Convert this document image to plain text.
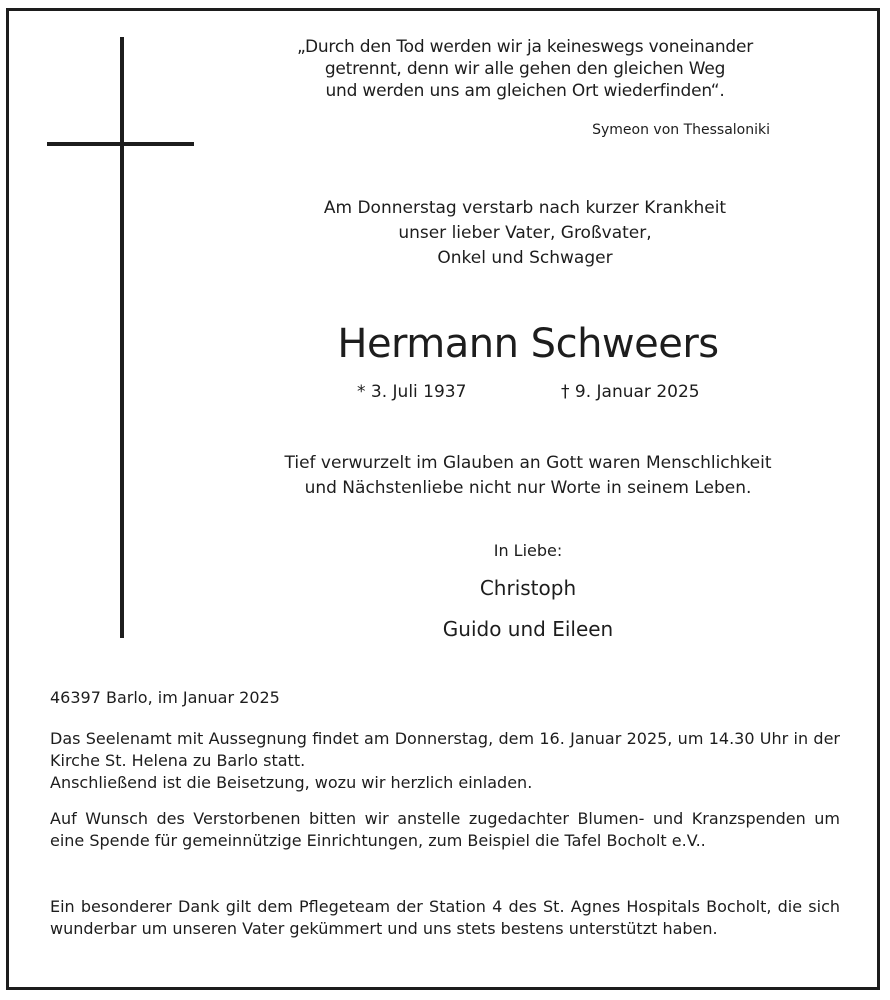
„Durch den Tod werden wir ja keineswegs voneinander
getrennt, denn wir alle gehen den gleichen Weg
und werden uns am gleichen Ort wiederfinden“.
Symeon von Thessaloniki
Am Donnerstag verstarb nach kurzer Krankheit
unser lieber Vater, Großvater,
Onkel und Schwager
Hermann Schweers
* 3. Juli 1937	† 9. Januar 2025
Tief verwurzelt im Glauben an Gott waren Menschlichkeit
und Nächstenliebe nicht nur Worte in seinem Leben.
In Liebe:
Christoph
Guido und Eileen
46397 Barlo, im Januar 2025

Das Seelenamt mit Aussegnung findet am Donnerstag, dem 16. Januar 2025, um 14.30 Uhr in der Kirche St. Helena zu Barlo statt.
Anschließend ist die Beisetzung, wozu wir herzlich einladen.

Auf Wunsch des Verstorbenen bitten wir anstelle zugedachter Blumen- und Kranzspenden um eine Spende für gemeinnützige Einrichtungen, zum Beispiel die Tafel Bocholt e.V..

Ein besonderer Dank gilt dem Pflegeteam der Station 4 des St. Agnes Hospitals Bocholt, die sich wunderbar um unseren Vater gekümmert und uns stets bestens unterstützt haben.
